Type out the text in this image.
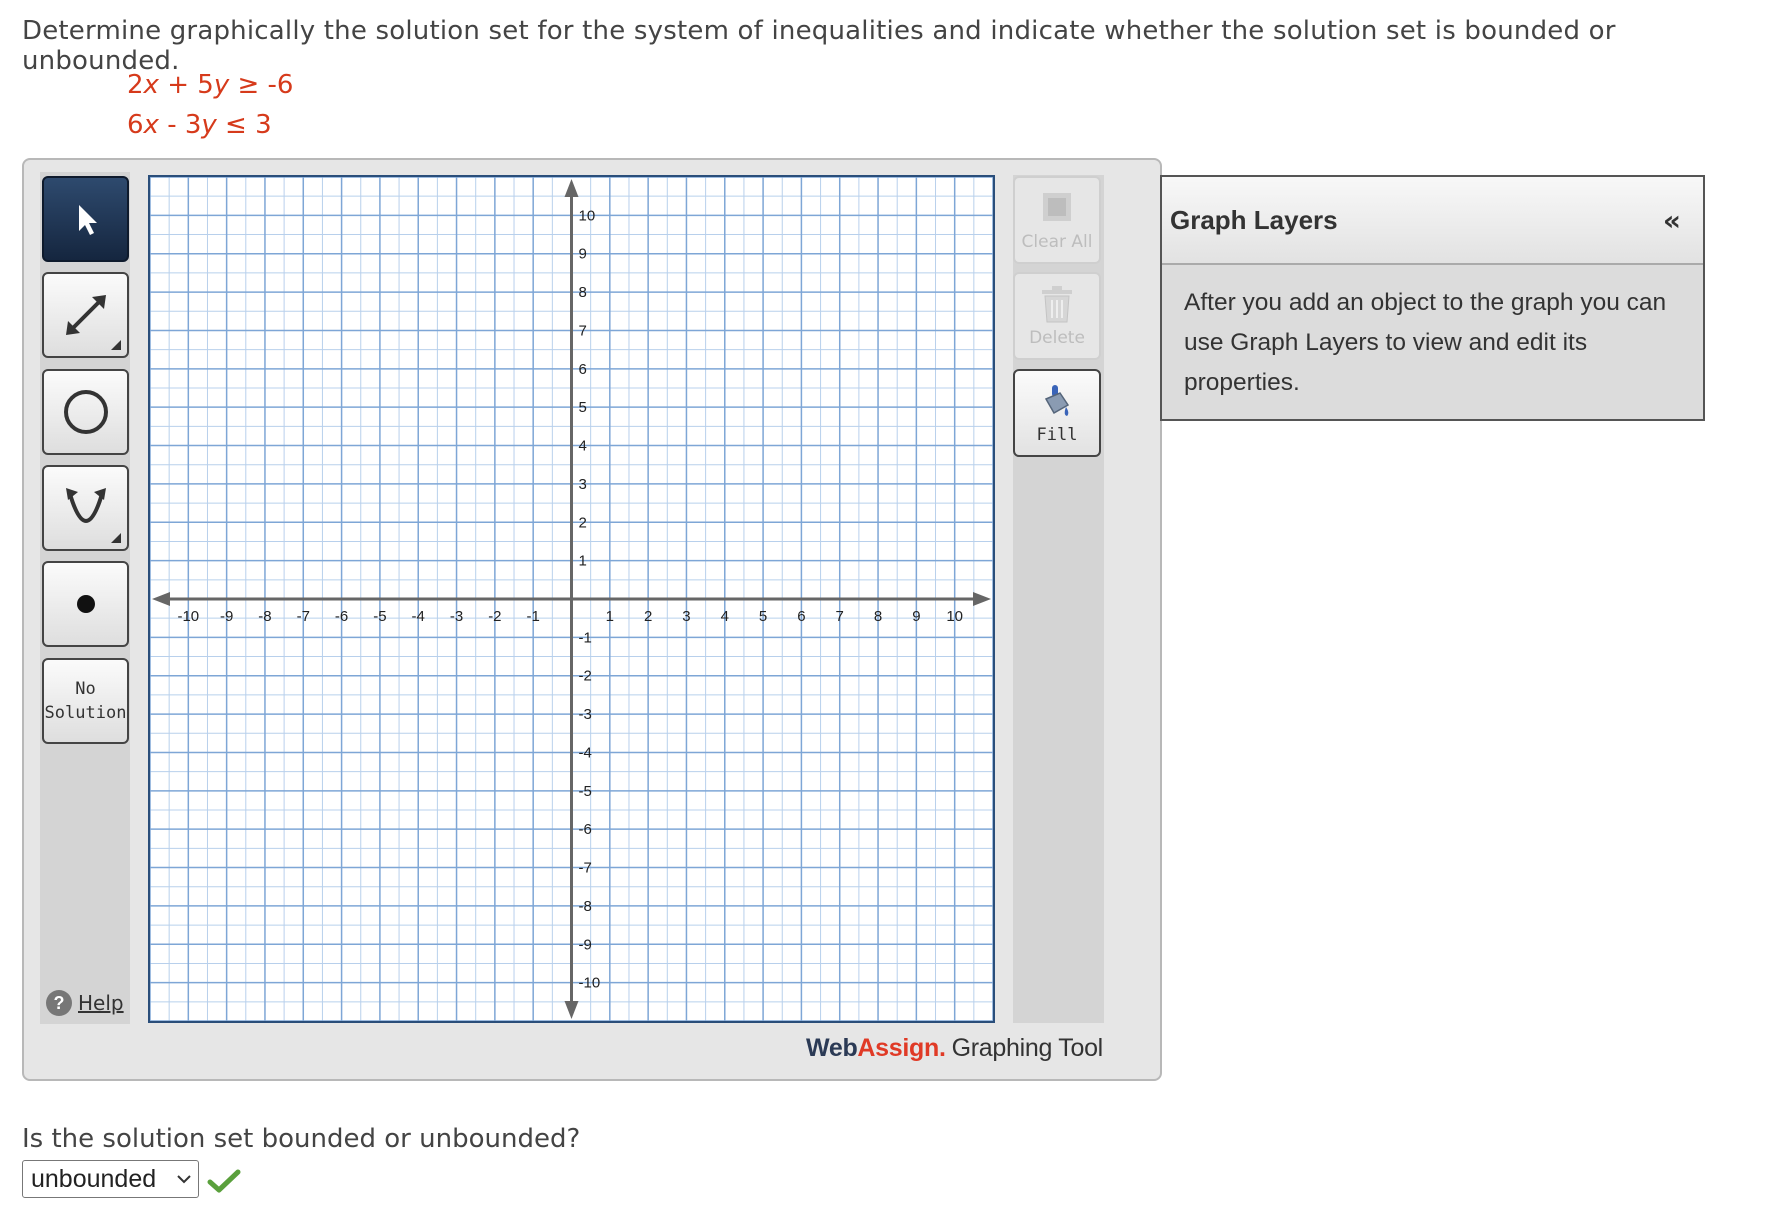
Determine graphically the solution set for the system of inequalities and indicate whether the solution set is bounded or unbounded.
2x + 5y ≥ -6
6x - 3y ≤ 3
No
Solution
? Help
-10 -9 -8 -7 -6 -5 -4 -3 -2 -1	1 2 3 4 5 6 7 8 9 10
10
9
8
7
6
5
4
3
2
1
-1
-2
-3
-4
-5
-6
-7
-8
-9
-10
Clear All
Delete
Fill
WebAssign. Graphing Tool
Graph Layers	«
After you add an object to the graph you can use Graph Layers to view and edit its properties.
Is the solution set bounded or unbounded?
unbounded
